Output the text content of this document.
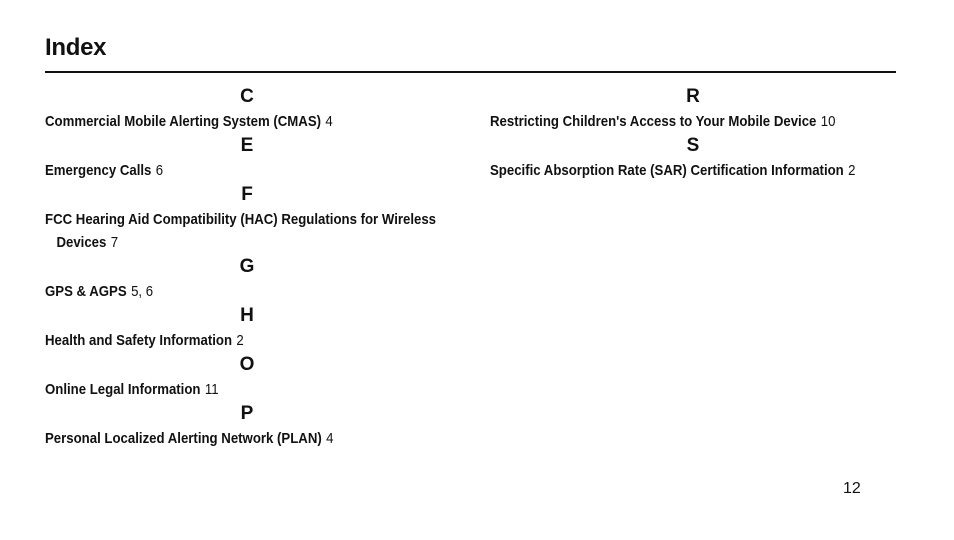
Index
C
Commercial Mobile Alerting System (CMAS) 4
E
Emergency Calls 6
F
FCC Hearing Aid Compatibility (HAC) Regulations for Wireless Devices 7
G
GPS & AGPS 5, 6
H
Health and Safety Information 2
O
Online Legal Information 11
P
Personal Localized Alerting Network (PLAN) 4
R
Restricting Children's Access to Your Mobile Device 10
S
Specific Absorption Rate (SAR) Certification Information 2
12
